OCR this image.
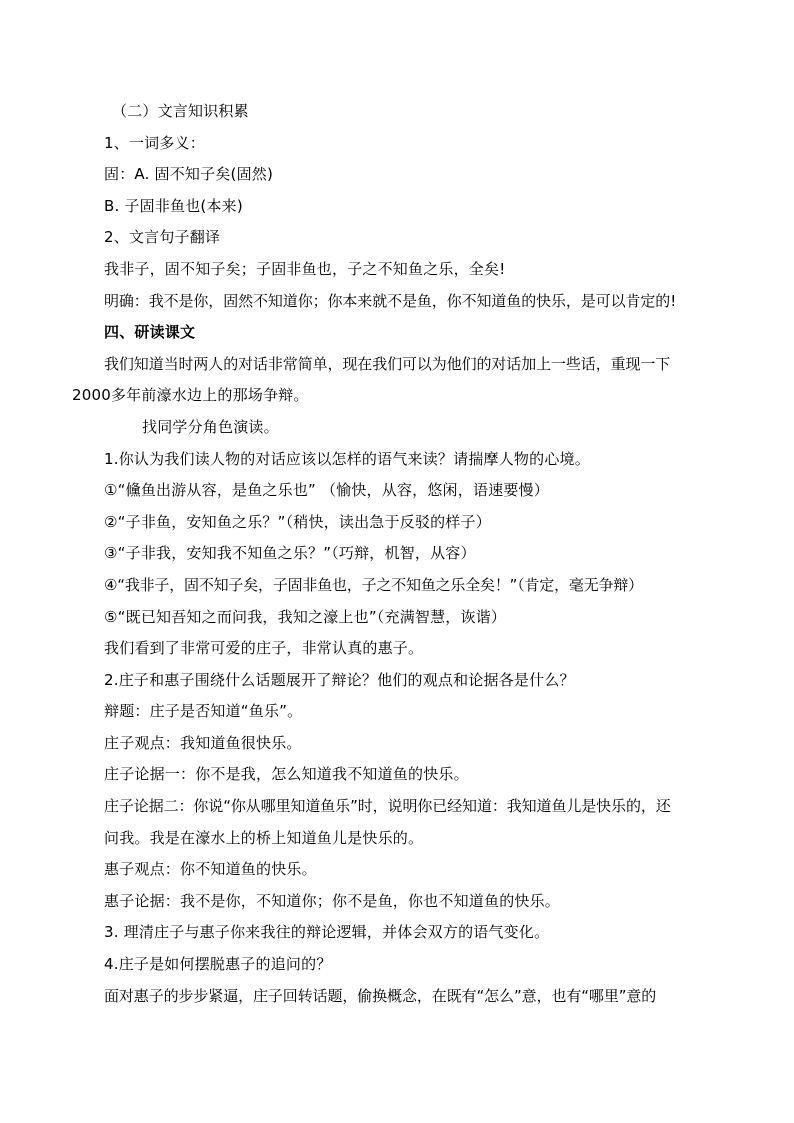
（二）文言知识积累
1、一词多义：
固：A. 固不知子矣(固然)
B. 子固非鱼也(本来)
2、文言句子翻译
我非子，固不知子矣；子固非鱼也，子之不知鱼之乐，全矣!
明确：我不是你，固然不知道你；你本来就不是鱼，你不知道鱼的快乐，是可以肯定的!
四、研读课文
我们知道当时两人的对话非常简单，现在我们可以为他们的对话加上一些话，重现一下
2000多年前濠水边上的那场争辩。
找同学分角色演读。
1.你认为我们读人物的对话应该以怎样的语气来读？请揣摩人物的心境。
①“儵鱼出游从容，是鱼之乐也” （愉快，从容，悠闲，语速要慢）
②“子非鱼，安知鱼之乐？”（稍快，读出急于反驳的样子）
③“子非我，安知我不知鱼之乐？”（巧辩，机智，从容）
④“我非子，固不知子矣，子固非鱼也，子之不知鱼之乐全矣！”（肯定，毫无争辩）
⑤“既已知吾知之而问我，我知之濠上也”（充满智慧，诙谐）
我们看到了非常可爱的庄子，非常认真的惠子。
2.庄子和惠子围绕什么话题展开了辩论？他们的观点和论据各是什么？
辩题：庄子是否知道“鱼乐”。
庄子观点：我知道鱼很快乐。
庄子论据一：你不是我，怎么知道我不知道鱼的快乐。
庄子论据二：你说“你从哪里知道鱼乐”时，说明你已经知道：我知道鱼儿是快乐的，还
问我。我是在濠水上的桥上知道鱼儿是快乐的。
惠子观点：你不知道鱼的快乐。
惠子论据：我不是你，不知道你；你不是鱼，你也不知道鱼的快乐。
3. 理清庄子与惠子你来我往的辩论逻辑，并体会双方的语气变化。
4.庄子是如何摆脱惠子的追问的？
面对惠子的步步紧逼，庄子回转话题，偷换概念，在既有“怎么”意，也有“哪里”意的
